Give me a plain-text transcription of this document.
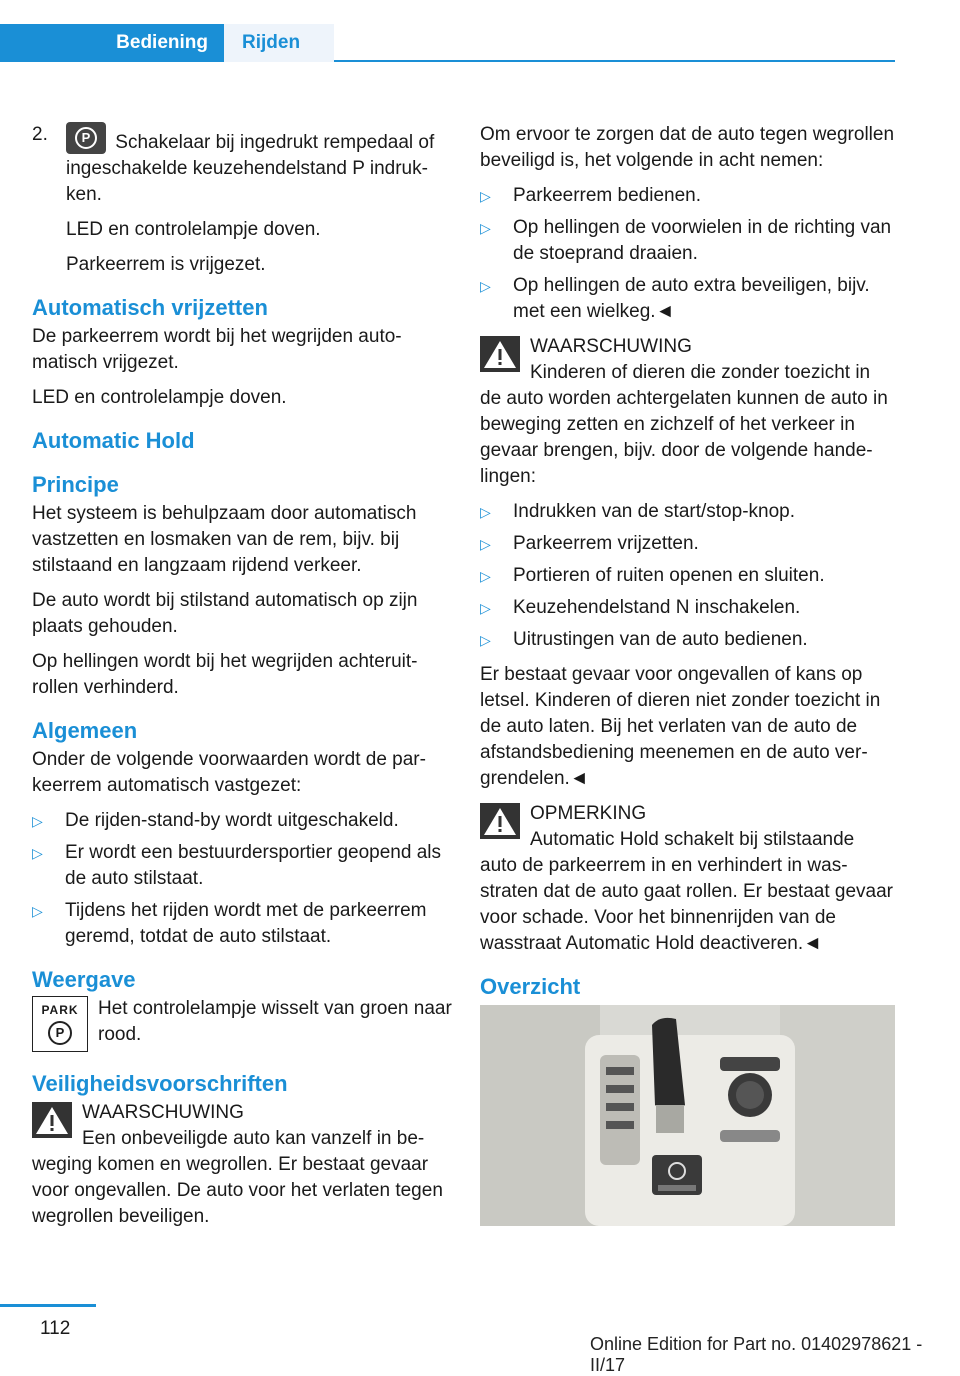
Bediening	Rijden
2.	P	Schakelaar bij ingedrukt rempedaal of ingeschakelde keuzehendelstand P indrukken.

LED en controlelampje doven.

Parkeerrem is vrijgezet.

Automatisch vrijzetten

De parkeerrem wordt bij het wegrijden automatisch vrijgezet.

LED en controlelampje doven.

Automatic Hold
Principe

Het systeem is behulpzaam door automatisch vastzetten en losmaken van de rem, bijv. bij stilstaand en langzaam rijdend verkeer.

De auto wordt bij stilstand automatisch op zijn plaats gehouden.

Op hellingen wordt bij het wegrijden achteruitrollen verhinderd.

Algemeen

Onder de volgende voorwaarden wordt de parkeerrem automatisch vastgezet:

▷ De rijden-stand-by wordt uitgeschakeld.
▷ Er wordt een bestuurdersportier geopend als de auto stilstaat.
▷ Tijdens het rijden wordt met de parkeerrem geremd, totdat de auto stilstaat.
Weergave
PARK
P
Het controlelampje wisselt van groen naar rood.
Veiligheidsvoorschriften
WAARSCHUWING
Een onbeveiligde auto kan vanzelf in beweging komen en wegrollen. Er bestaat gevaar voor ongevallen. De auto voor het verlaten tegen wegrollen beveiligen.

Om ervoor te zorgen dat de auto tegen wegrollen beveiligd is, het volgende in acht nemen:

▷ Parkeerrem bedienen.
▷ Op hellingen de voorwielen in de richting van de stoeprand draaien.
▷ Op hellingen de auto extra beveiligen, bijv. met een wielkeg.◄
WAARSCHUWING
Kinderen of dieren die zonder toezicht in de auto worden achtergelaten kunnen de auto in beweging zetten en zichzelf of het verkeer in gevaar brengen, bijv. door de volgende handelingen:
▷ Indrukken van de start/stop-knop.
▷ Parkeerrem vrijzetten.
▷ Portieren of ruiten openen en sluiten.
▷ Keuzehendelstand N inschakelen.
▷ Uitrustingen van de auto bedienen.

Er bestaat gevaar voor ongevallen of kans op letsel. Kinderen of dieren niet zonder toezicht in de auto laten. Bij het verlaten van de auto de afstandsbediening meenemen en de auto vergrendelen.◄

OPMERKING
Automatic Hold schakelt bij stilstaande auto de parkeerrem in en verhindert in wasstraten dat de auto gaat rollen. Er bestaat gevaar voor schade. Voor het binnenrijden van de wasstraat Automatic Hold deactiveren.◄
Overzicht
112
Online Edition for Part no. 01402978621 - II/17
